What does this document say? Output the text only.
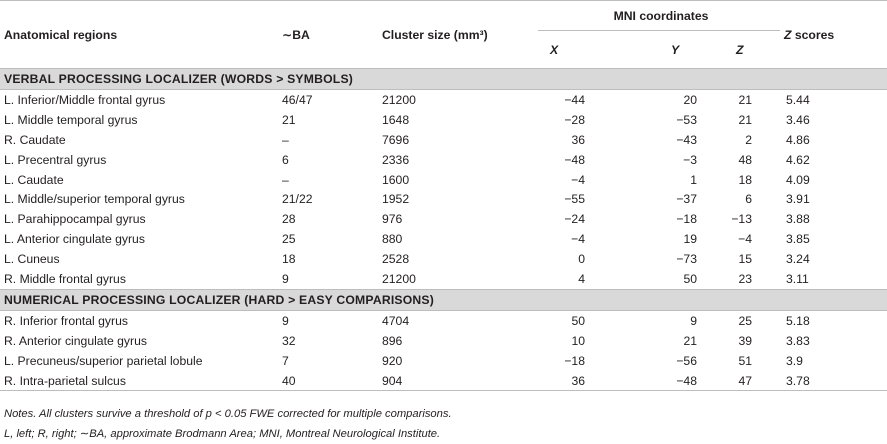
Anatomical regions	∼BA	Cluster size (mm³)	MNI coordinates			Z scores
			X	Y	Z	
VERBAL PROCESSING LOCALIZER (WORDS > SYMBOLS)						
L. Inferior/Middle frontal gyrus	46/47	21200	−44	20	21	5.44
L. Middle temporal gyrus	21	1648	−28	−53	21	3.46
R. Caudate	–	7696	36	−43	2	4.86
L. Precentral gyrus	6	2336	−48	−3	48	4.62
L. Caudate	–	1600	−4	1	18	4.09
L. Middle/superior temporal gyrus	21/22	1952	−55	−37	6	3.91
L. Parahippocampal gyrus	28	976	−24	−18	−13	3.88
L. Anterior cingulate gyrus	25	880	−4	19	−4	3.85
L. Cuneus	18	2528	0	−73	15	3.24
R. Middle frontal gyrus	9	21200	4	50	23	3.11
NUMERICAL PROCESSING LOCALIZER (HARD > EASY COMPARISONS)						
R. Inferior frontal gyrus	9	4704	50	9	25	5.18
R. Anterior cingulate gyrus	32	896	10	21	39	3.83
L. Precuneus/superior parietal lobule	7	920	−18	−56	51	3.9
R. Intra-parietal sulcus	40	904	36	−48	47	3.78
Notes. All clusters survive a threshold of p < 0.05 FWE corrected for multiple comparisons.
L, left; R, right; ∼BA, approximate Brodmann Area; MNI, Montreal Neurological Institute.
